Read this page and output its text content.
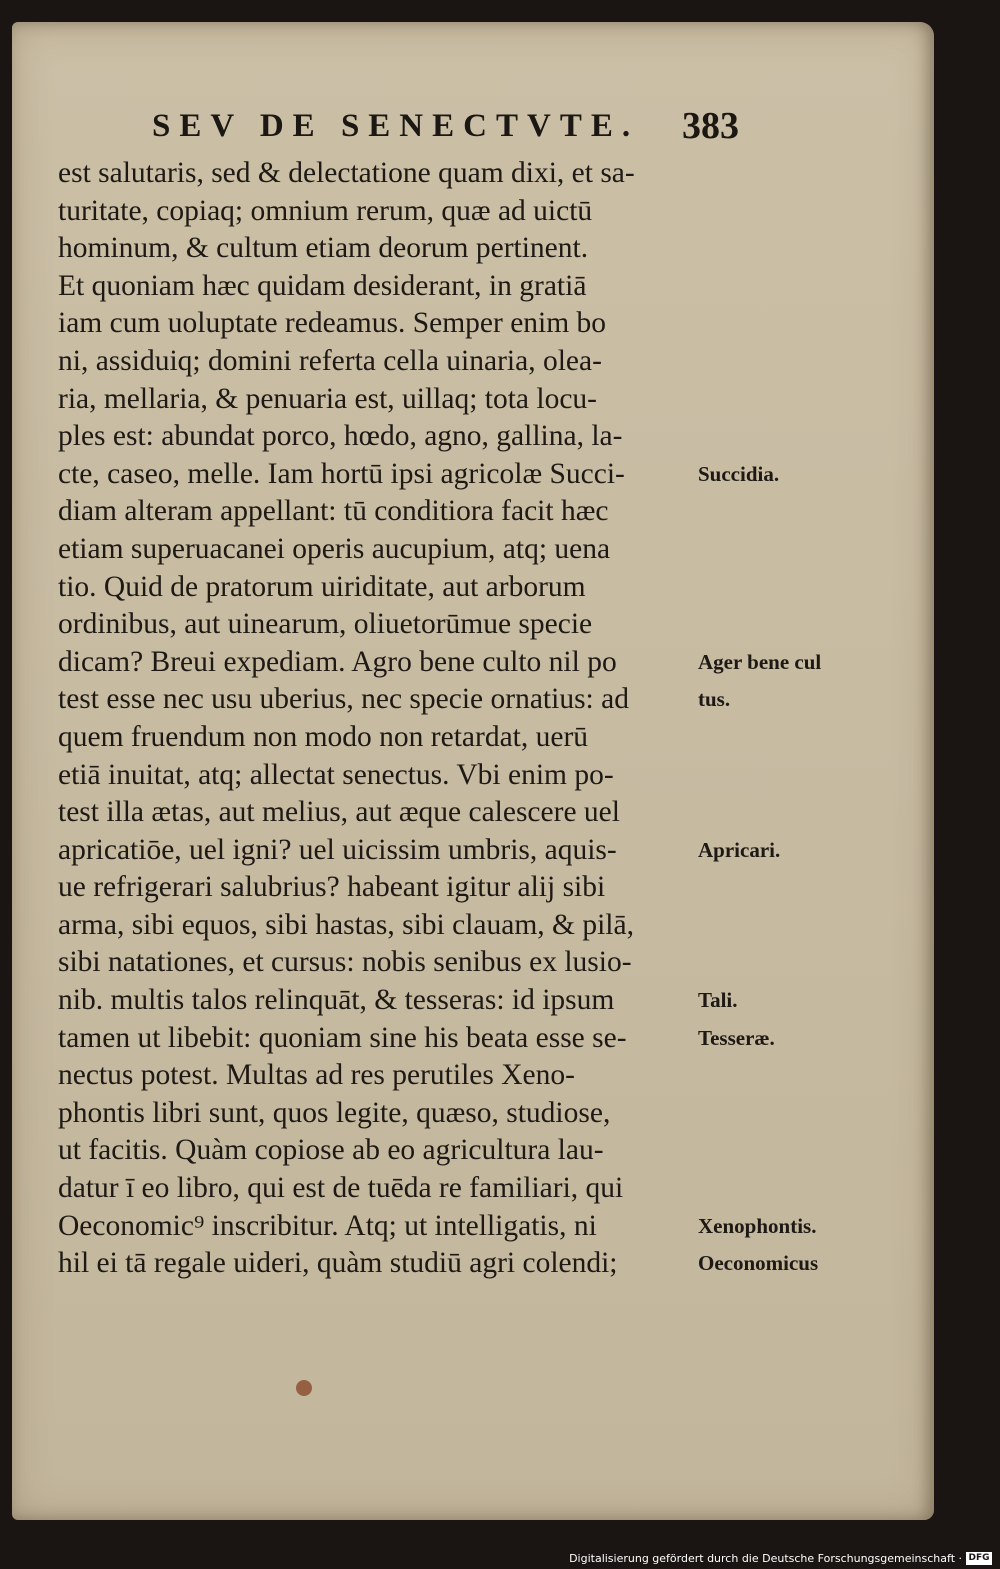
SEV DE SENECTVTE. 383
est salutaris, sed & delectatione quam dixi, et sa-
turitate, copiaq; omnium rerum, quæ ad uictū
hominum, & cultum etiam deorum pertinent.
Et quoniam hæc quidam desiderant, in gratiā
iam cum uoluptate redeamus. Semper enim bo
ni, assiduiq; domini referta cella uinaria, olea-
ria, mellaria, & penuaria est, uillaq; tota locu-
ples est: abundat porco, hœdo, agno, gallina, la-
cte, caseo, melle. Iam hortū ipsi agricolæ Succi-
diam alteram appellant: tū conditiora facit hæc
etiam superuacanei operis aucupium, atq; uena
tio. Quid de pratorum uiriditate, aut arborum
ordinibus, aut uinearum, oliuetorūmue specie
dicam? Breui expediam. Agro bene culto nil po
test esse nec usu uberius, nec specie ornatius: ad
quem fruendum non modo non retardat, uerū
etiā inuitat, atq; allectat senectus. Vbi enim po-
test illa ætas, aut melius, aut æque calescere uel
apricatiōe, uel igni? uel uicissim umbris, aquis-
ue refrigerari salubrius? habeant igitur alij sibi
arma, sibi equos, sibi hastas, sibi clauam, & pilā,
sibi natationes, et cursus: nobis senibus ex lusio-
nib. multis talos relinquāt, & tesseras: id ipsum
tamen ut libebit: quoniam sine his beata esse se-
nectus potest. Multas ad res perutiles Xeno-
phontis libri sunt, quos legite, quæso, studiose,
ut facitis. Quàm copiose ab eo agricultura lau-
datur ī eo libro, qui est de tuēda re familiari, qui
Oeconomic⁹ inscribitur. Atq; ut intelligatis, ni
hil ei tā regale uideri, quàm studiū agri colendi;
Succidia.
Ager bene cul
tus.
Apricari.
Tali.
Tesseræ.
Xenophontis.
Oeconomicus
Digitalisierung gefördert durch die Deutsche Forschungsgemeinschaft · DFG
